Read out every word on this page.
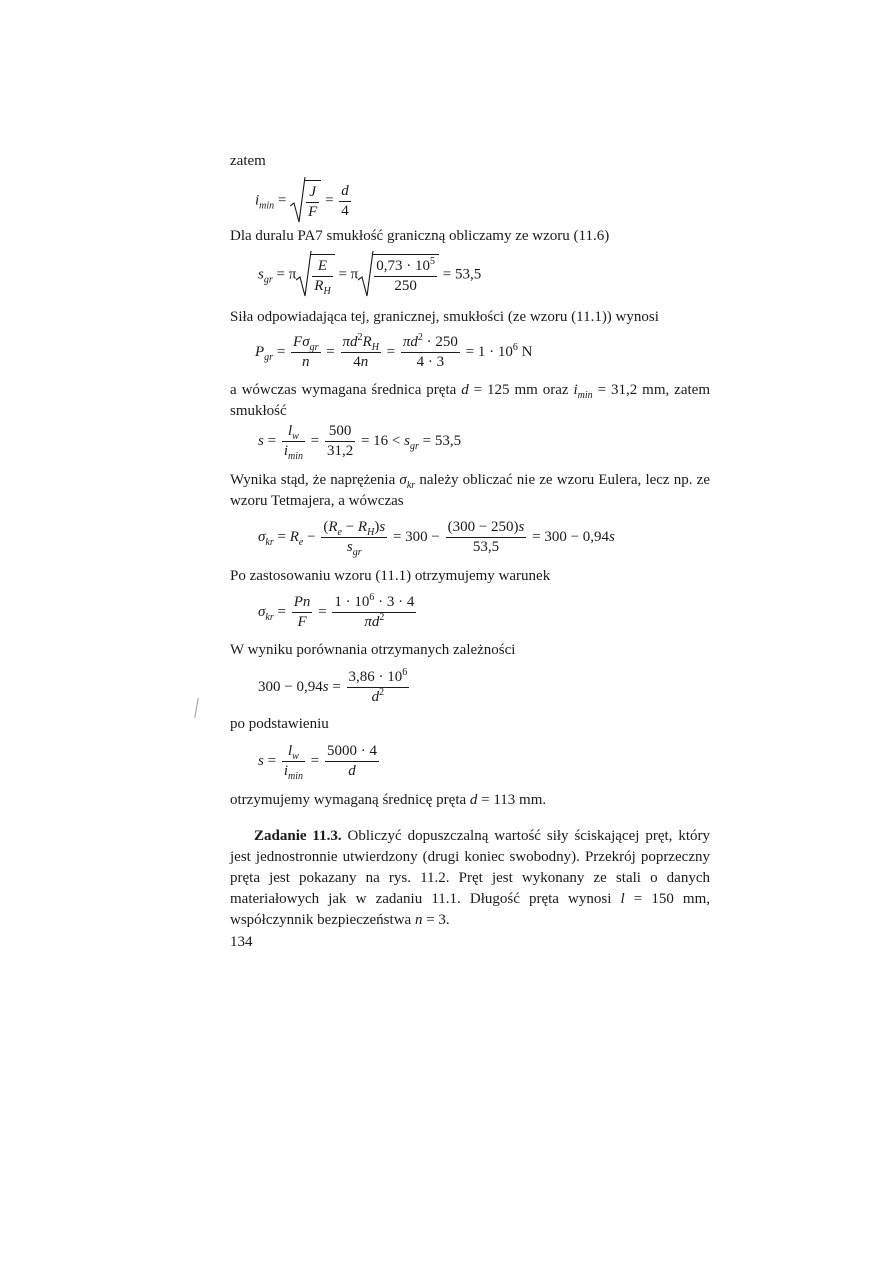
zatem
$i_{min} = \frac{J}{F} = \frac{d}{4}$
Dla duralu PA7 smukłość graniczną obliczamy ze wzoru (11.6)
$s_{gr} = \pi \frac{E}{R_H} = \pi \frac{0,73 \cdot 10^5}{250} = 53,5$
Siła odpowiadająca tej, granicznej, smukłości (ze wzoru (11.1)) wynosi
$P_{gr}$ =
$F\sigma_{gr}$
n
= $\frac{\pi d^2R_H}{4n} = \frac{\pi d^2 \cdot 250}{4 \cdot 3} = 1 \cdot 10^6$ N
a wówczas wymagana średnica pręta d = 125 mm oraz $i_{min} = 31,2$ mm, zatem smukłość
s =
$l_w$
$i_{min}$
= $\frac{500}{31,2} = 16 < s_{gr} = 53,5$
Wynika stąd, że naprężenia $\sigma_{kr}$ należy obliczać nie ze wzoru Eulera, lecz np. ze wzoru Tetmajera, a wówczas
$\sigma_{kr} = R_e$ −
$(R_e - R_H)s$
$s_{gr}$
= $300 - \frac{(300 - 250)s}{53,5} = 300 - 0,94s$
Po zastosowaniu wzoru (11.1) otrzymujemy warunek
$\sigma_{kr} = \frac{Pn}{F} = \frac{1 \cdot 10^6 \cdot 3 \cdot 4}{\pi d^2}$
W wyniku porównania otrzymanych zależności
$300 - 0,94s = \frac{3,86 \cdot 10^6}{d^2}$
po podstawieniu
s =
$l_w$
$i_{min}$
= $\frac{5000 \cdot 4}{d}$
otrzymujemy wymaganą średnicę pręta d = 113 mm.
Zadanie 11.3. Obliczyć dopuszczalną wartość siły ściskającej pręt, który jest jednostronnie utwierdzony (drugi koniec swobodny). Przekrój poprzeczny pręta jest pokazany na rys. 11.2. Pręt jest wykonany ze stali o danych materiałowych jak w zadaniu 11.1. Długość pręta wynosi l = 150 mm, współczynnik bezpieczeństwa n = 3.
134
